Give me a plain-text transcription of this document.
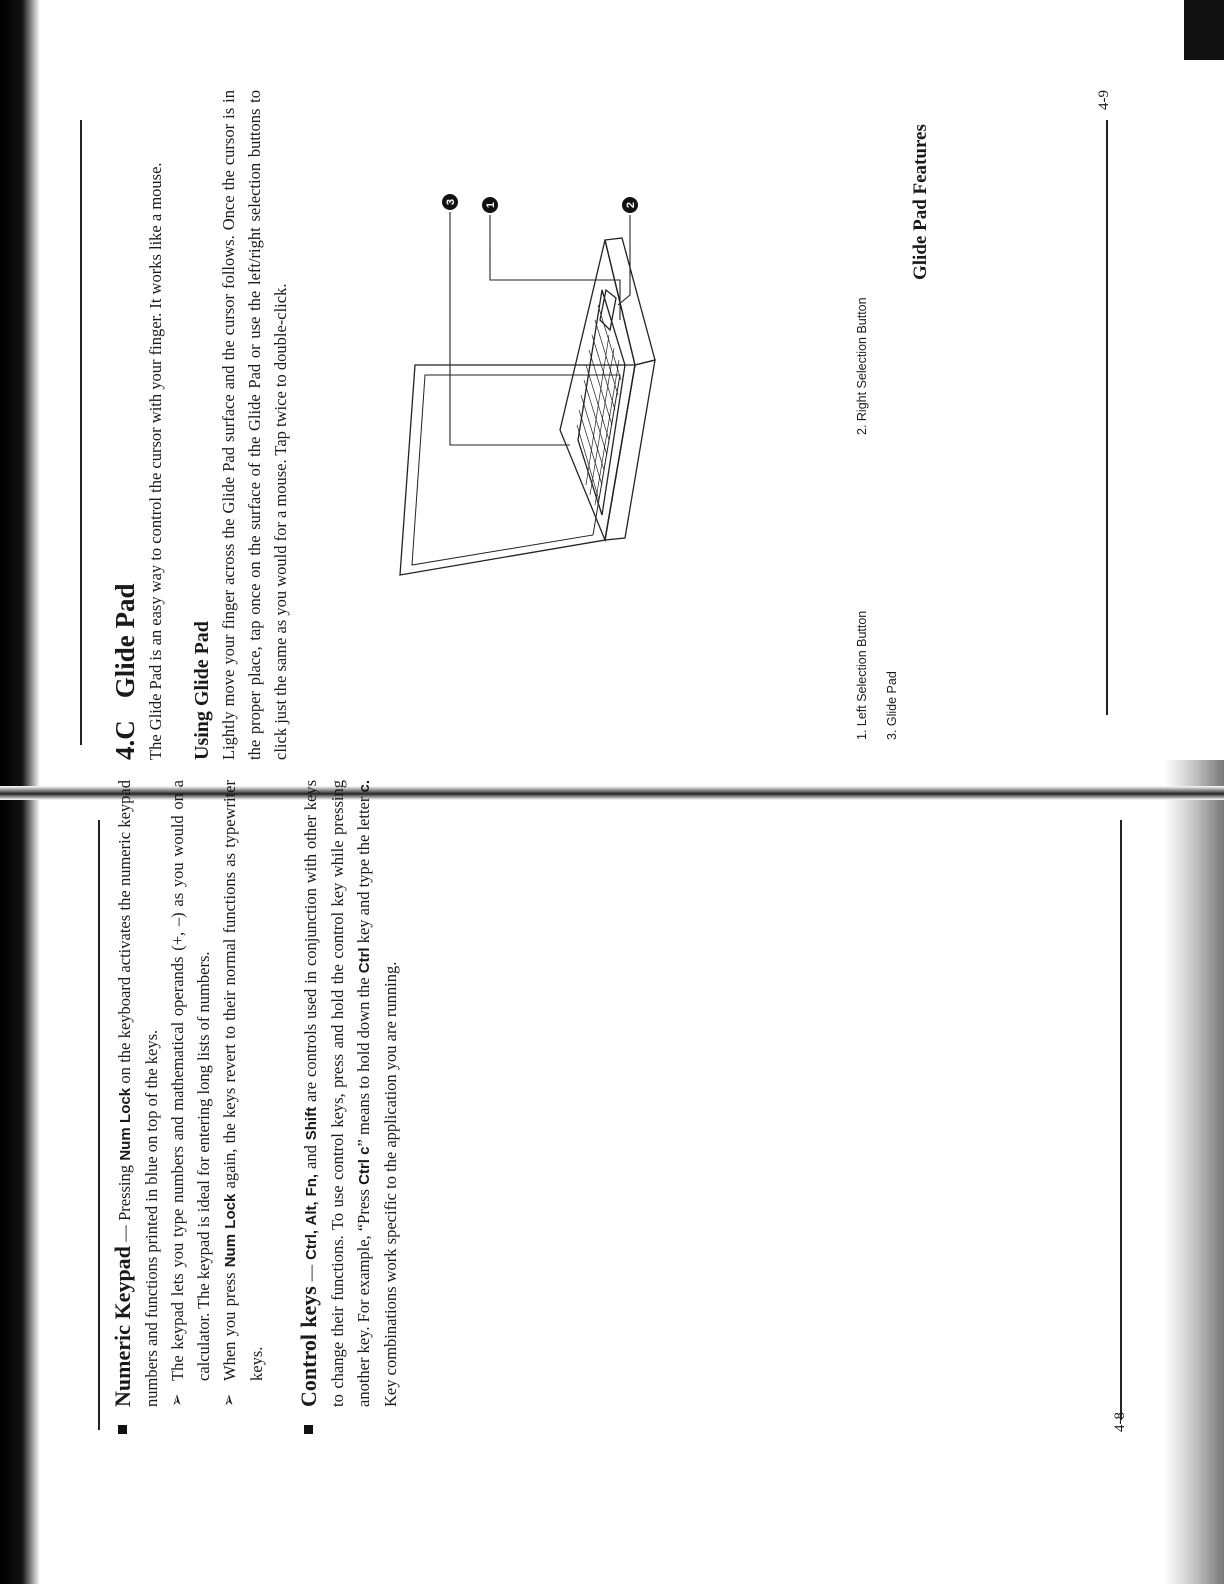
4-9
4-8
4.CGlide Pad The Glide Pad is an easy way to control the cursor with your finger. It works like a mouse. Using Glide Pad Lightly move your finger across the Glide Pad surface and the cursor follows. Once the cursor is in the proper place, tap once on the surface of the Glide Pad or use the left/right selection buttons to click just the same as you would for a mouse. Tap twice to double-click.

1	2
3
1. Left Selection Button
2. Right Selection Button
3. Glide Pad
Glide Pad Features

Numeric Keypad — Pressing Num Lock on the keyboard activates the numeric keypad numbers and functions printed in blue on top of the keys. ➢

The keypad lets you type numbers and mathematical operands (+, –) as you would on a calculator. The keypad is ideal for entering long lists of numbers.

➢

When you press Num Lock again, the keys revert to their normal functions as typewriter keys. Control keys — Ctrl, Alt, Fn, and Shift are controls used in conjunction with other keys to change their functions. To use control keys, press and hold the control key while pressing another key. For example, “Press Ctrl c” means to hold down the Ctrl key and type the letter c. Key combinations work specific to the application you are running.
